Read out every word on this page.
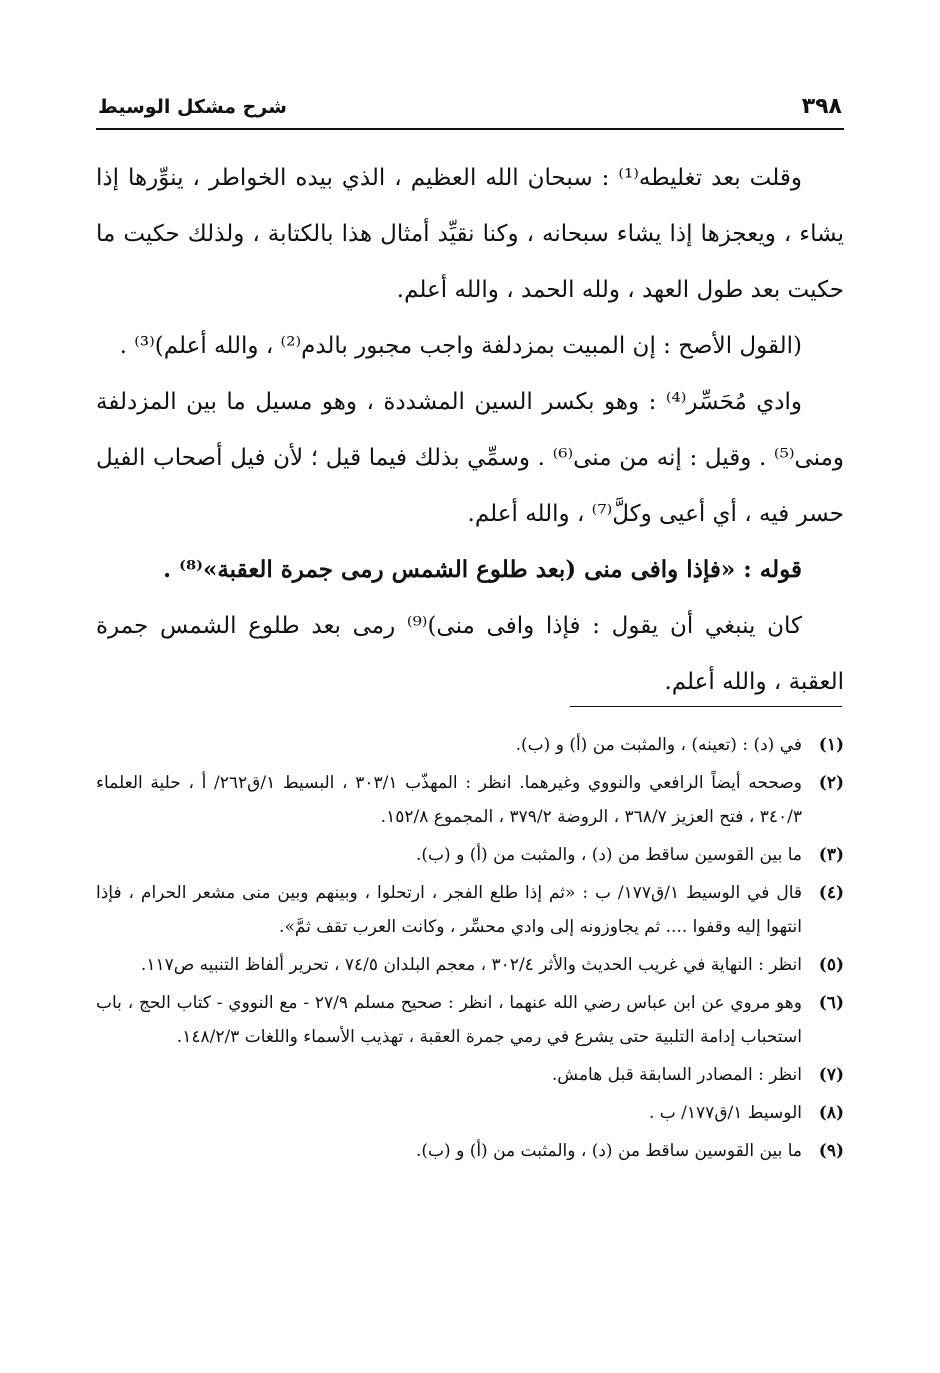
٣٩٨
شرح مشكل الوسيط

وقلت بعد تغليطه⁽¹⁾ : سبحان الله العظيم ، الذي بيده الخواطر ، ينوِّرها إذا يشاء ، ويعجزها إذا يشاء سبحانه ، وكنا نقيِّد أمثال هذا بالكتابة ، ولذلك حكيت ما حكيت بعد طول العهد ، ولله الحمد ، والله أعلم.

(القول الأصح : إن المبيت بمزدلفة واجب مجبور بالدم⁽²⁾ ، والله أعلم)⁽³⁾ .

وادي مُحَسِّر⁽⁴⁾ : وهو بكسر السين المشددة ، وهو مسيل ما بين المزدلفة ومنى⁽⁵⁾ . وقيل : إنه من منى⁽⁶⁾ . وسمِّي بذلك فيما قيل ؛ لأن فيل أصحاب الفيل حسر فيه ، أي أعيى وكلَّ⁽⁷⁾ ، والله أعلم.

قوله : «فإذا وافى منى (بعد طلوع الشمس رمى جمرة العقبة»⁽⁸⁾ .

كان ينبغي أن يقول : فإذا وافى منى)⁽⁹⁾ رمى بعد طلوع الشمس جمرة العقبة ، والله أعلم.

(١)في (د) : (تعينه) ، والمثبت من (أ) و (ب).

(٢)وصححه أيضاً الرافعي والنووي وغيرهما. انظر : المهذّب ٣٠٣/١ ، البسيط ١/ق٢٦٢/ أ ، حلية العلماء ٣٤٠/٣ ، فتح العزيز ٣٦٨/٧ ، الروضة ٣٧٩/٢ ، المجموع ١٥٢/٨.

(٣)ما بين القوسين ساقط من (د) ، والمثبت من (أ) و (ب).

(٤)قال في الوسيط ١/ق١٧٧/ ب : «ثم إذا طلع الفجر ، ارتحلوا ، وبينهم وبين منى مشعر الحرام ، فإذا انتهوا إليه وقفوا .... ثم يجاوزونه إلى وادي محسِّر ، وكانت العرب تقف ثمَّ».

(٥)انظر : النهاية في غريب الحديث والأثر ٣٠٢/٤ ، معجم البلدان ٧٤/٥ ، تحرير ألفاظ التنبيه ص١١٧.

(٦)وهو مروي عن ابن عباس رضي الله عنهما ، انظر : صحيح مسلم ٢٧/٩ - مع النووي - كتاب الحج ، باب استحباب إدامة التلبية حتى يشرع في رمي جمرة العقبة ، تهذيب الأسماء واللغات ١٤٨/٢/٣.

(٧)انظر : المصادر السابقة قبل هامش.

(٨)الوسيط ١/ق١٧٧/ ب .

(٩)ما بين القوسين ساقط من (د) ، والمثبت من (أ) و (ب).
